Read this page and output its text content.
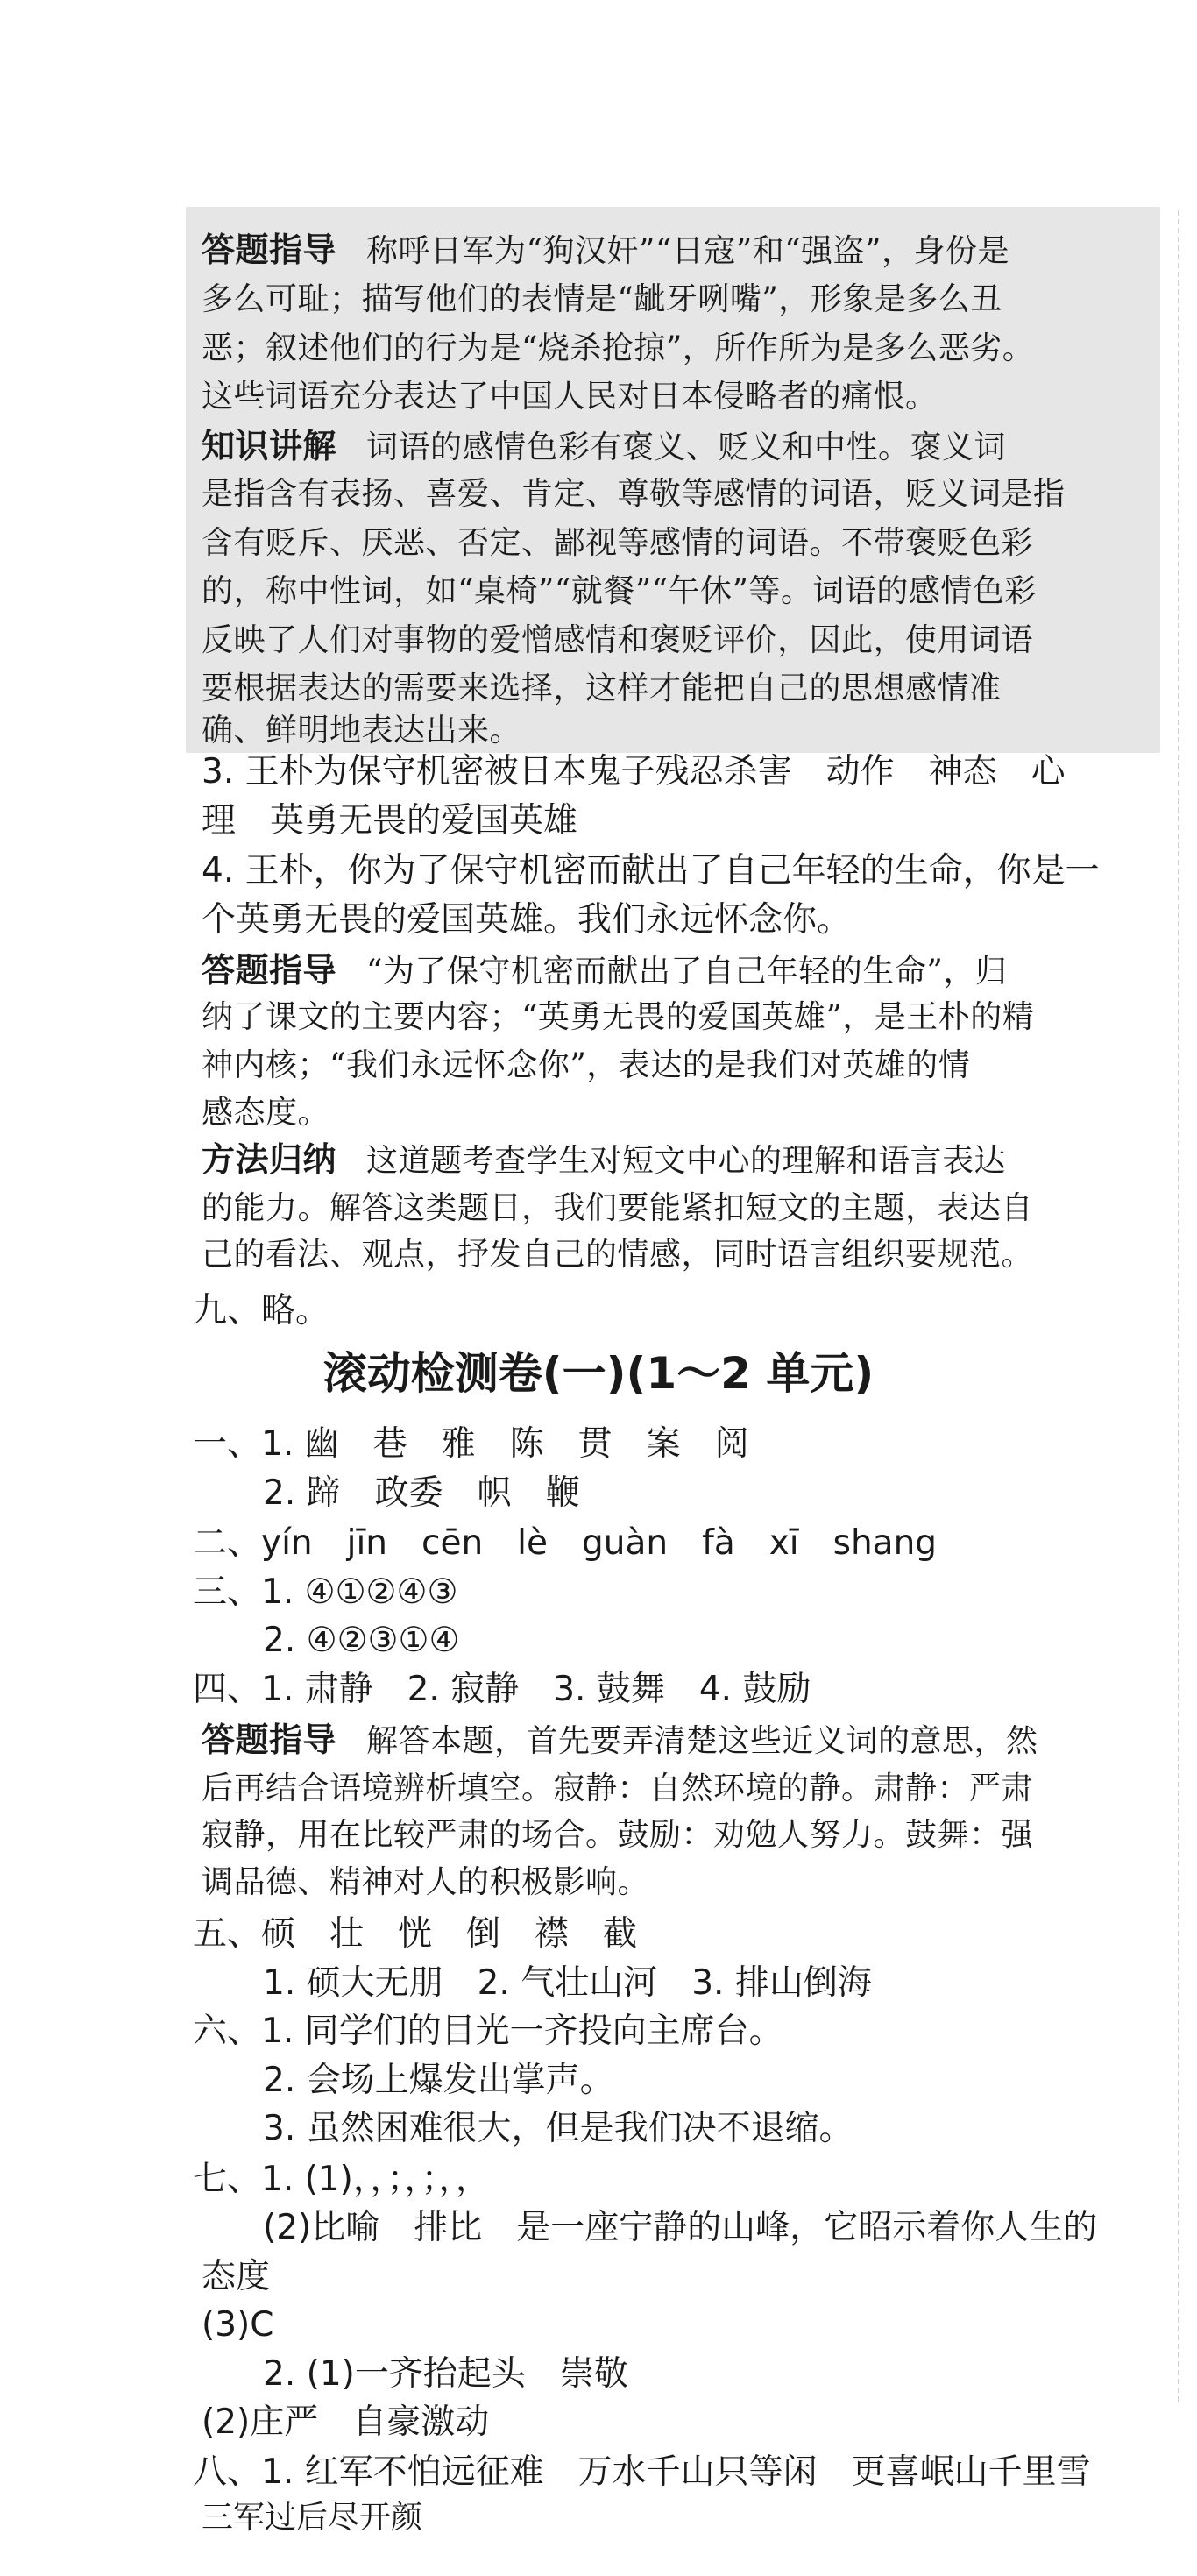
答题指导 称呼日军为“狗汉奸”“日寇”和“强盗”，身份是
多么可耻；描写他们的表情是“龇牙咧嘴”，形象是多么丑
恶；叙述他们的行为是“烧杀抢掠”，所作所为是多么恶劣。
这些词语充分表达了中国人民对日本侵略者的痛恨。
知识讲解 词语的感情色彩有褒义、贬义和中性。褒义词
是指含有表扬、喜爱、肯定、尊敬等感情的词语，贬义词是指
含有贬斥、厌恶、否定、鄙视等感情的词语。不带褒贬色彩
的，称中性词，如“桌椅”“就餐”“午休”等。词语的感情色彩
反映了人们对事物的爱憎感情和褒贬评价，因此，使用词语
要根据表达的需要来选择，这样才能把自己的思想感情准
确、鲜明地表达出来。
3. 王朴为保守机密被日本鬼子残忍杀害　动作　神态　心
理　英勇无畏的爱国英雄
4. 王朴，你为了保守机密而献出了自己年轻的生命，你是一
个英勇无畏的爱国英雄。我们永远怀念你。
答题指导 “为了保守机密而献出了自己年轻的生命”，归
纳了课文的主要内容；“英勇无畏的爱国英雄”，是王朴的精
神内核；“我们永远怀念你”，表达的是我们对英雄的情
感态度。
方法归纳 这道题考查学生对短文中心的理解和语言表达
的能力。解答这类题目，我们要能紧扣短文的主题，表达自
己的看法、观点，抒发自己的情感，同时语言组织要规范。
九、略。
滚动检测卷(一)(1～2 单元)
一、1. 幽　巷　雅　陈　贯　案　阅
2. 蹄　政委　帜　鞭
二、yín　jīn　cēn　lè　guàn　fà　xī　shang
三、1. ④①②④③
2. ④②③①④
四、1. 肃静　2. 寂静　3. 鼓舞　4. 鼓励
答题指导 解答本题，首先要弄清楚这些近义词的意思，然
后再结合语境辨析填空。寂静：自然环境的静。肃静：严肃
寂静，用在比较严肃的场合。鼓励：劝勉人努力。鼓舞：强
调品德、精神对人的积极影响。
五、硕　壮　恍　倒　襟　截
1. 硕大无朋　2. 气壮山河　3. 排山倒海
六、1. 同学们的目光一齐投向主席台。
2. 会场上爆发出掌声。
3. 虽然困难很大，但是我们决不退缩。
七、1. (1)，，；，；，，
(2)比喻　排比　是一座宁静的山峰，它昭示着你人生的
态度
(3)C
2. (1)一齐抬起头　崇敬
(2)庄严　自豪激动
八、1. 红军不怕远征难　万水千山只等闲　更喜岷山千里雪
三军过后尽开颜
